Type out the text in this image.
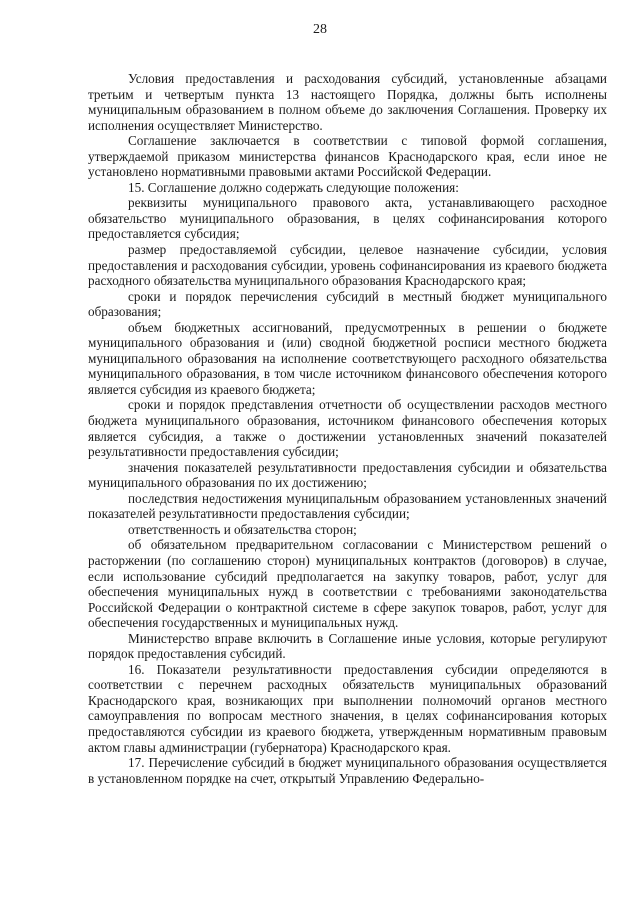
28

Условия предоставления и расходования субсидий, установленные абзацами третьим и четвертым пункта 13 настоящего Порядка, должны быть исполнены муниципальным образованием в полном объеме до заключения Соглашения. Проверку их исполнения осуществляет Министерство.

Соглашение заключается в соответствии с типовой формой соглашения, утверждаемой приказом министерства финансов Краснодарского края, если иное не установлено нормативными правовыми актами Российской Федерации.

15. Соглашение должно содержать следующие положения:

реквизиты муниципального правового акта, устанавливающего расходное обязательство муниципального образования, в целях софинансирования которого предоставляется субсидия;

размер предоставляемой субсидии, целевое назначение субсидии, условия предоставления и расходования субсидии, уровень софинансирования из краевого бюджета расходного обязательства муниципального образования Краснодарского края;

сроки и порядок перечисления субсидий в местный бюджет муниципального образования;

объем бюджетных ассигнований, предусмотренных в решении о бюджете муниципального образования и (или) сводной бюджетной росписи местного бюджета муниципального образования на исполнение соответствующего расходного обязательства муниципального образования, в том числе источником финансового обеспечения которого является субсидия из краевого бюджета;

сроки и порядок представления отчетности об осуществлении расходов местного бюджета муниципального образования, источником финансового обеспечения которых является субсидия, а также о достижении установленных значений показателей результативности предоставления субсидии;

значения показателей результативности предоставления субсидии и обязательства муниципального образования по их достижению;

последствия недостижения муниципальным образованием установленных значений показателей результативности предоставления субсидии;

ответственность и обязательства сторон;

об обязательном предварительном согласовании с Министерством решений о расторжении (по соглашению сторон) муниципальных контрактов (договоров) в случае, если использование субсидий предполагается на закупку товаров, работ, услуг для обеспечения муниципальных нужд в соответствии с требованиями законодательства Российской Федерации о контрактной системе в сфере закупок товаров, работ, услуг для обеспечения государственных и муниципальных нужд.

Министерство вправе включить в Соглашение иные условия, которые регулируют порядок предоставления субсидий.

16. Показатели результативности предоставления субсидии определяются в соответствии с перечнем расходных обязательств муниципальных образований Краснодарского края, возникающих при выполнении полномочий органов местного самоуправления по вопросам местного значения, в целях софинансирования которых предоставляются субсидии из краевого бюджета, утвержденным нормативным правовым актом главы администрации (губернатора) Краснодарского края.

17. Перечисление субсидий в бюджет муниципального образования осуществляется в установленном порядке на счет, открытый Управлению Федерально-
